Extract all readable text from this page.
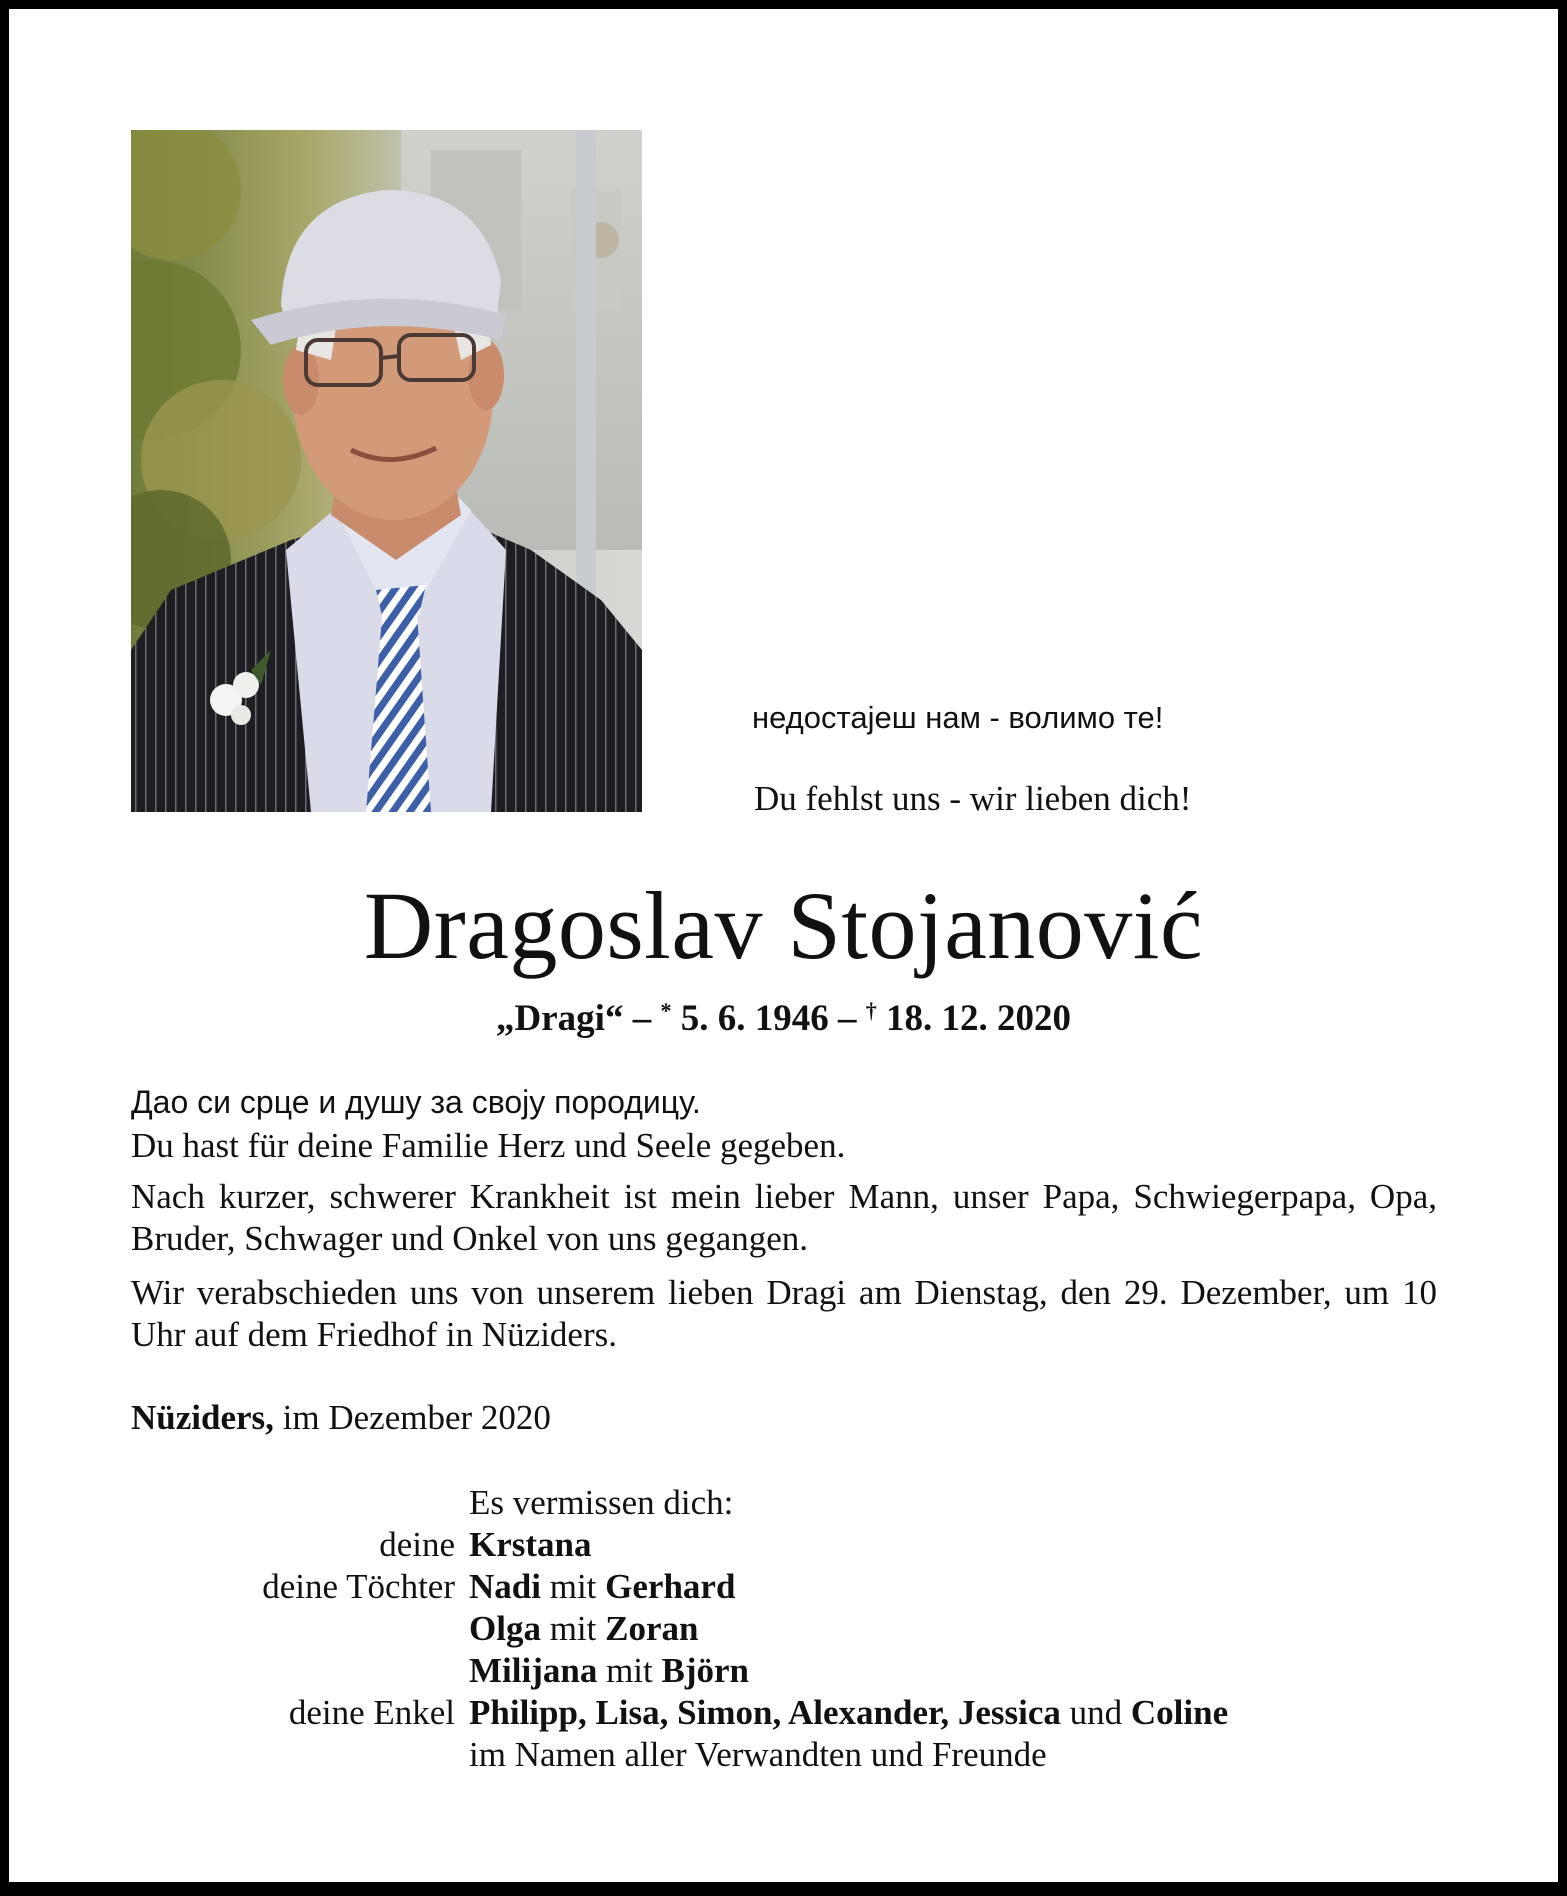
недостајеш нам - волимо те!
Du fehlst uns - wir lieben dich!
Dragoslav Stojanović
„Dragi“ – * 5. 6. 1946 – † 18. 12. 2020
Дао си срце и душу за своју породицу.
Du hast für deine Familie Herz und Seele gegeben.
Nach kurzer, schwerer Krankheit ist mein lieber Mann, unser Papa, Schwiegerpapa, Opa, Bruder, Schwager und Onkel von uns gegangen.
Wir verabschieden uns von unserem lieben Dragi am Dienstag, den 29. Dezember, um 10 Uhr auf dem Friedhof in Nüziders.
Nüziders, im Dezember 2020
Es vermissen dich:
deine Krstana
deine Töchter Nadi mit Gerhard
Olga mit Zoran
Milijana mit Björn
deine Enkel Philipp, Lisa, Simon, Alexander, Jessica und Coline
im Namen aller Verwandten und Freunde
